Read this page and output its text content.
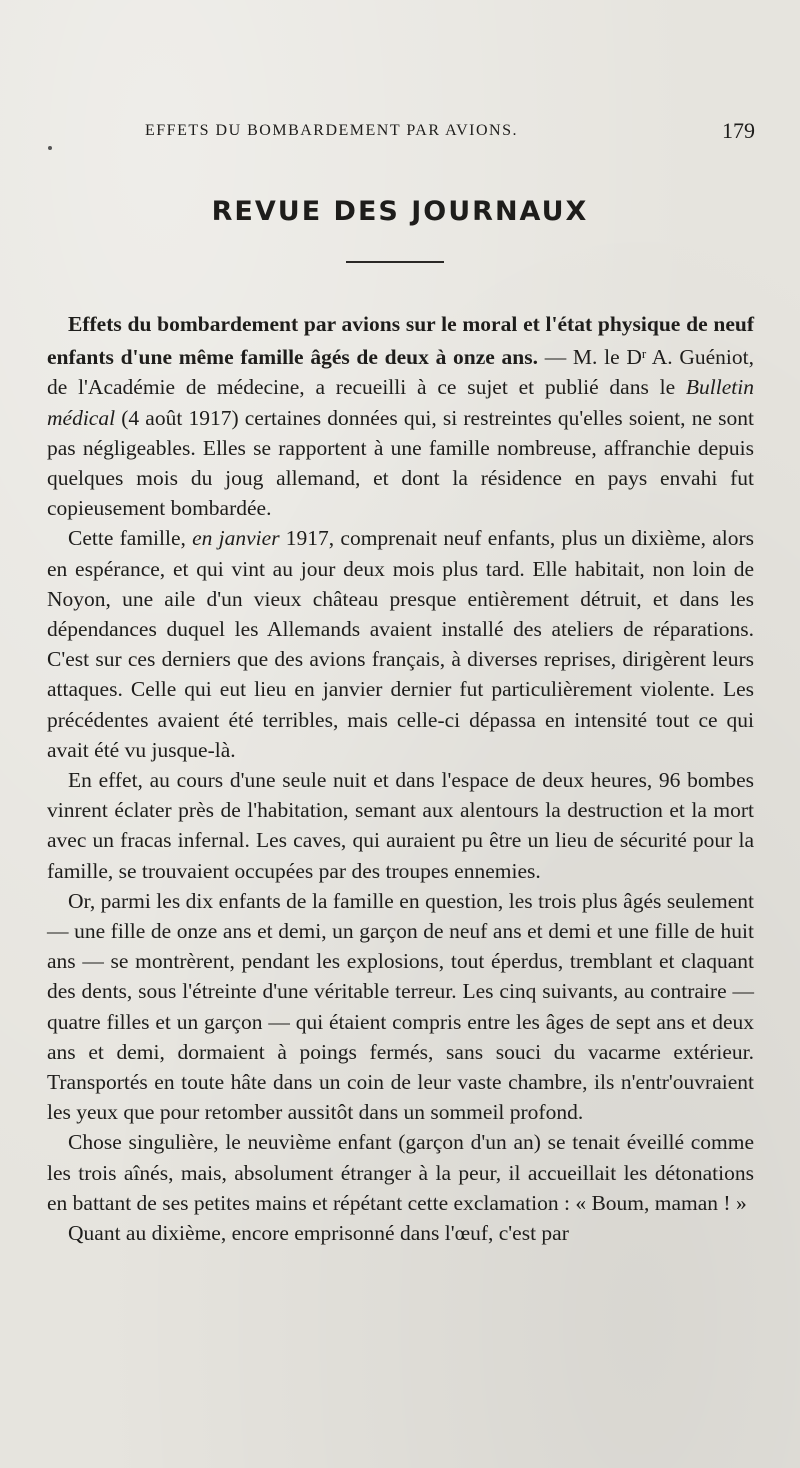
EFFETS DU BOMBARDEMENT PAR AVIONS.	179
REVUE DES JOURNAUX

Effets du bombardement par avions sur le moral et l'état physique de neuf enfants d'une même famille âgés de deux à onze ans. — M. le $D^r$ A. Guéniot, de l'Académie de médecine, a recueilli à ce sujet et publié dans le Bulletin médical (4 août 1917) certaines données qui, si restreintes qu'elles soient, ne sont pas négligeables. Elles se rapportent à une famille nombreuse, affranchie depuis quelques mois du joug allemand, et dont la résidence en pays envahi fut copieusement bombardée.

Cette famille, en janvier 1917, comprenait neuf enfants, plus un dixième, alors en espérance, et qui vint au jour deux mois plus tard. Elle habitait, non loin de Noyon, une aile d'un vieux château presque entièrement détruit, et dans les dépendances duquel les Allemands avaient installé des ateliers de réparations. C'est sur ces derniers que des avions français, à diverses reprises, dirigèrent leurs attaques. Celle qui eut lieu en janvier dernier fut particulièrement violente. Les précédentes avaient été terribles, mais celle-ci dépassa en intensité tout ce qui avait été vu jusque-là.

En effet, au cours d'une seule nuit et dans l'espace de deux heures, 96 bombes vinrent éclater près de l'habitation, semant aux alentours la destruction et la mort avec un fracas infernal. Les caves, qui auraient pu être un lieu de sécurité pour la famille, se trouvaient occupées par des troupes ennemies.

Or, parmi les dix enfants de la famille en question, les trois plus âgés seulement — une fille de onze ans et demi, un garçon de neuf ans et demi et une fille de huit ans — se montrèrent, pendant les explosions, tout éperdus, tremblant et claquant des dents, sous l'étreinte d'une véritable terreur. Les cinq suivants, au contraire — quatre filles et un garçon — qui étaient compris entre les âges de sept ans et deux ans et demi, dormaient à poings fermés, sans souci du vacarme extérieur. Transportés en toute hâte dans un coin de leur vaste chambre, ils n'entr'ouvraient les yeux que pour retomber aussitôt dans un sommeil profond.

Chose singulière, le neuvième enfant (garçon d'un an) se tenait éveillé comme les trois aînés, mais, absolument étranger à la peur, il accueillait les détonations en battant de ses petites mains et répétant cette exclamation : « Boum, maman ! »

Quant au dixième, encore emprisonné dans l'œuf, c'est par
